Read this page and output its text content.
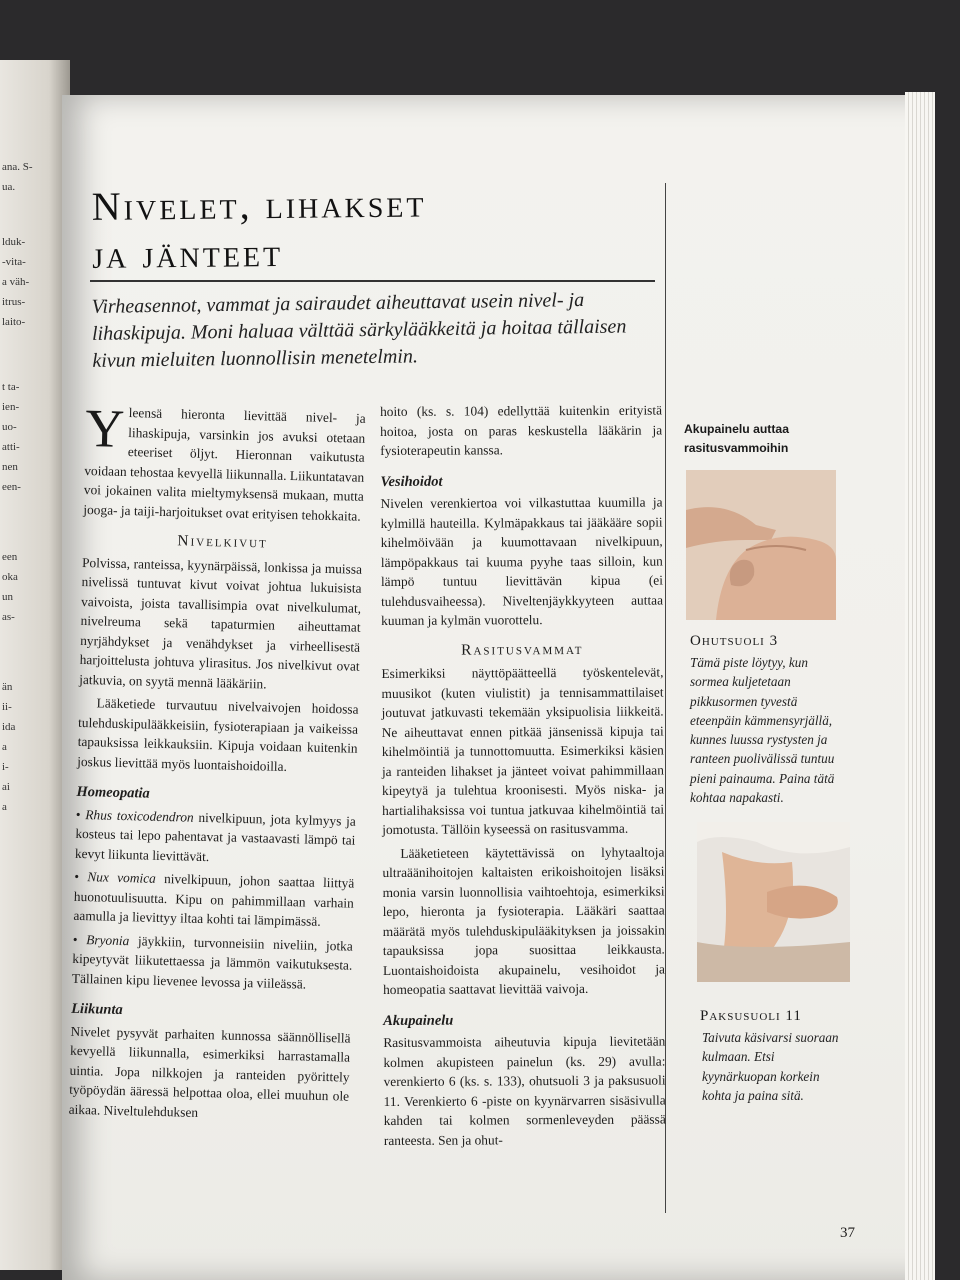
ana. S-
ua.
lduk-
-vita-
a väh-
itrus-
laito-
t ta-
ien-
uo-
atti-
nen
een-
een
oka
un
as-
än
ii-
ida
a
i-
ai
a
Nivelet, lihakset
ja jänteet
Virheasennot, vammat ja sairaudet aiheuttavat usein nivel- ja lihaskipuja. Moni haluaa välttää särkylääkkeitä ja hoitaa tällaisen kivun mieluiten luonnollisin menetelmin.

Yleensä hieronta lievittää nivel- ja lihaskipuja, varsinkin jos avuksi otetaan eteeriset öljyt. Hieronnan vaikutusta voidaan tehostaa kevyellä liikunnalla. Liikuntatavan voi jokainen valita mieltymyksensä mukaan, mutta jooga- ja taiji-harjoitukset ovat erityisen tehokkaita.

Nivelkivut

Polvissa, ranteissa, kyynärpäissä, lonkissa ja muissa nivelissä tuntuvat kivut voivat johtua lukuisista vaivoista, joista tavallisimpia ovat nivelkulumat, nivelreuma sekä tapaturmien aiheuttamat nyrjähdykset ja venähdykset ja virheellisestä harjoittelusta johtuva ylirasitus. Jos nivelkivut ovat jatkuvia, on syytä mennä lääkäriin.

Lääketiede turvautuu nivelvaivojen hoidossa tulehduskipulääkkeisiin, fysioterapiaan ja vaikeissa tapauksissa leikkauksiin. Kipuja voidaan kuitenkin joskus lievittää myös luontaishoidoilla.

Homeopatia

• Rhus toxicodendron nivelkipuun, jota kylmyys ja kosteus tai lepo pahentavat ja vastaavasti lämpö tai kevyt liikunta lievittävät.

• Nux vomica nivelkipuun, johon saattaa liittyä huonotuulisuutta. Kipu on pahimmillaan varhain aamulla ja lievittyy iltaa kohti tai lämpimässä.

• Bryonia jäykkiin, turvonneisiin niveliin, jotka kipeytyvät liikutettaessa ja lämmön vaikutuksesta. Tällainen kipu lievenee levossa ja viileässä.

Liikunta

Nivelet pysyvät parhaiten kunnossa säännöllisellä kevyellä liikunnalla, esimerkiksi harrastamalla uintia. Jopa nilkkojen ja ranteiden pyörittely työpöydän ääressä helpottaa oloa, ellei muuhun ole aikaa. Niveltulehduksen

hoito (ks. s. 104) edellyttää kuitenkin erityistä hoitoa, josta on paras keskustella lääkärin ja fysioterapeutin kanssa.

Vesihoidot

Nivelen verenkiertoa voi vilkastuttaa kuumilla ja kylmillä hauteilla. Kylmäpakkaus tai jääkääre sopii kihelmöivään ja kuumottavaan nivelkipuun, lämpöpakkaus tai kuuma pyyhe taas silloin, kun lämpö tuntuu lievittävän kipua (ei tulehdusvaiheessa). Niveltenjäykkyyteen auttaa kuuman ja kylmän vuorottelu.

Rasitusvammat

Esimerkiksi näyttöpäätteellä työskentelevät, muusikot (kuten viulistit) ja tennisammattilaiset joutuvat jatkuvasti tekemään yksipuolisia liikkeitä. Ne aiheuttavat ennen pitkää jänsenissä kipuja tai kihelmöintiä ja tunnottomuutta. Esimerkiksi käsien ja ranteiden lihakset ja jänteet voivat pahimmillaan kipeytyä ja tulehtua kroonisesti. Myös niska- ja hartialihaksissa voi tuntua jatkuvaa kihelmöintiä tai jomotusta. Tällöin kyseessä on rasitusvamma.

Lääketieteen käytettävissä on lyhytaaltoja ultraäänihoitojen kaltaisten erikoishoitojen lisäksi monia varsin luonnollisia vaihtoehtoja, esimerkiksi lepo, hieronta ja fysioterapia. Lääkäri saattaa määrätä myös tulehduskipulääkityksen ja joissakin tapauksissa jopa suosittaa leikkausta. Luontaishoidoista akupainelu, vesihoidot ja homeopatia saattavat lievittää vaivoja.

Akupainelu

Rasitusvammoista aiheutuvia kipuja lievitetään kolmen akupisteen painelun (ks. 29) avulla: verenkierto 6 (ks. s. 133), ohutsuoli 3 ja paksusuoli 11. Verenkierto 6 -piste on kyynärvarren sisäsivulla kahden tai kolmen sormenleveyden päässä ranteesta. Sen ja ohut-

Akupainelu auttaa rasitusvammoihin
Ohutsuoli 3
Tämä piste löytyy, kun sormea kuljetetaan pikkusormen tyvestä eteenpäin kämmensyrjällä, kunnes luussa rystysten ja ranteen puolivälissä tuntuu pieni painauma. Paina tätä kohtaa napakasti.
Paksusuoli 11
Taivuta käsivarsi suoraan kulmaan. Etsi kyynärkuopan korkein kohta ja paina sitä.
37
